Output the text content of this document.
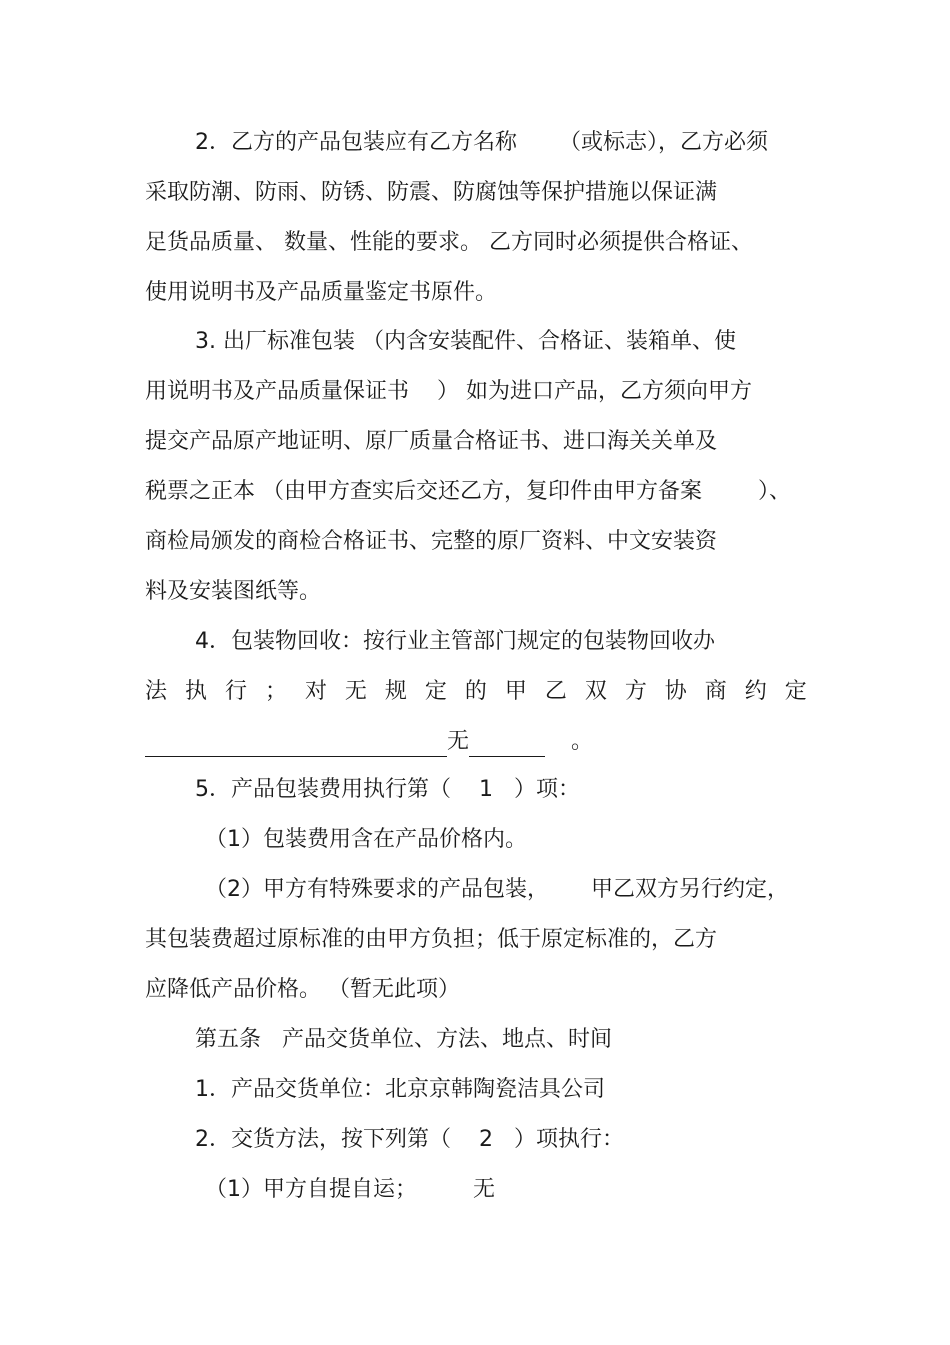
2．乙方的产品包装应有乙方名称      （或标志），乙方必须
采取防潮、防雨、防锈、防震、防腐蚀等保护措施以保证满
足货品质量、 数量、性能的要求。 乙方同时必须提供合格证、
使用说明书及产品质量鉴定书原件。
3. 出厂标准包装 （内含安装配件、合格证、装箱单、使
用说明书及产品质量保证书    ） 如为进口产品，乙方须向甲方
提交产品原产地证明、原厂质量合格证书、进口海关关单及
税票之正本 （由甲方查实后交还乙方，复印件由甲方备案        ）、
商检局颁发的商检合格证书、完整的原厂资料、中文安装资
料及安装图纸等。
4．包装物回收：按行业主管部门规定的包装物回收办
法 执 行 ； 对 无 规 定 的 甲 乙 双 方 协 商 约 定
无	。
5．产品包装费用执行第（    1   ）项：
（1）包装费用含在产品价格内。
（2）甲方有特殊要求的产品包装，      甲乙双方另行约定，
其包装费超过原标准的由甲方负担；低于原定标准的，乙方
应降低产品价格。 （暂无此项）
第五条   产品交货单位、方法、地点、时间
1．产品交货单位：北京京韩陶瓷洁具公司
2．交货方法，按下列第（    2   ）项执行：
（1）甲方自提自运；        无
